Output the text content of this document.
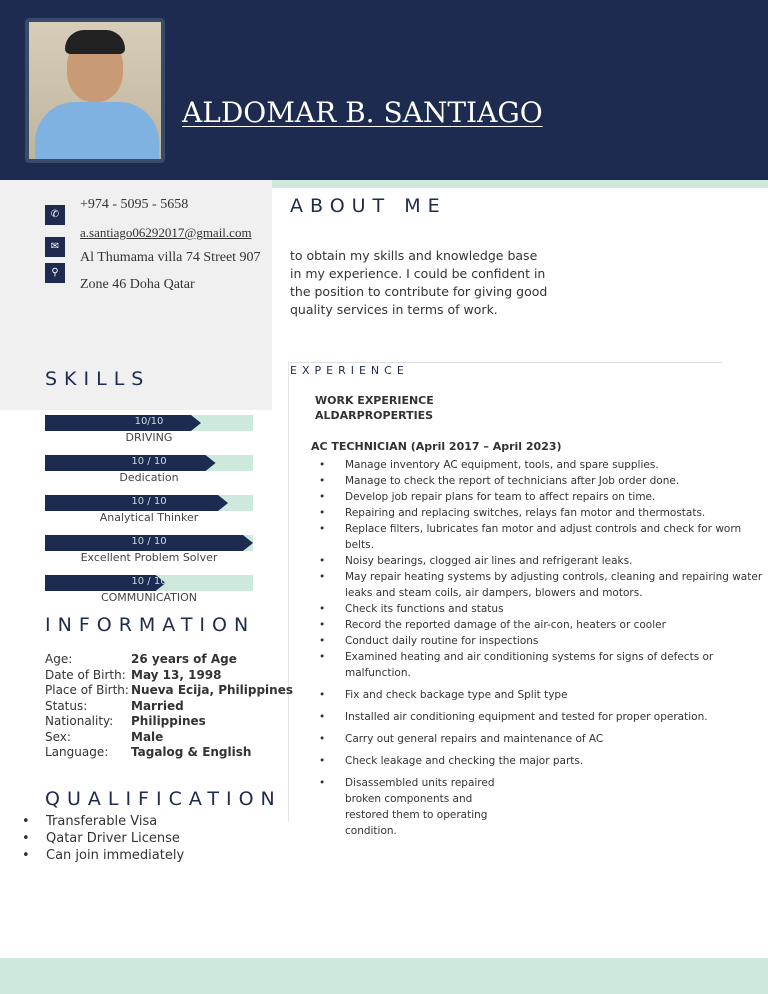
ALDOMAR B. SANTIAGO
✆
✉
⚲
+974 - 5095 - 5658
a.santiago06292017@gmail.com
Al Thumama villa 74 Street 907
Zone 46 Doha Qatar
ABOUT ME
to obtain my skills and knowledge base in my experience. I could be confident in the position to contribute for giving good quality services in terms of work.
EXPERIENCE
WORK EXPERIENCE
ALDARPROPERTIES
AC TECHNICIAN (April 2017 – April 2023)
• Manage inventory AC equipment, tools, and spare supplies.
• Manage to check the report of technicians after Job order done.
• Develop job repair plans for team to affect repairs on time.
• Repairing and replacing switches, relays fan motor and thermostats.
• Replace filters, lubricates fan motor and adjust controls and check for worn belts.
• Noisy bearings, clogged air lines and refrigerant leaks.
• May repair heating systems by adjusting controls, cleaning and repairing water leaks and steam coils, air dampers, blowers and motors.
• Check its functions and status
• Record the reported damage of the air-con, heaters or cooler
• Conduct daily routine for inspections
• Examined heating and air conditioning systems for signs of defects or malfunction.
• Fix and check backage type and Split type
• Installed air conditioning equipment and tested for proper operation.
• Carry out general repairs and maintenance of AC
• Check leakage and checking the major parts.
• Disassembled units repaired broken components and restored them to operating condition.
SKILLS
10/10
DRIVING
10 / 10
Dedication
10 / 10
Analytical Thinker
10 / 10
Excellent Problem Solver
10 / 10
COMMUNICATION
INFORMATION
Age:	26 years of Age
Date of Birth: May 13, 1998
Place of Birth: Nueva Ecija, Philippines
Status:	Married
Nationality: Philippines
Sex:	Male
Language: Tagalog & English
QUALIFICATION
• Transferable Visa
• Qatar Driver License
• Can join immediately
